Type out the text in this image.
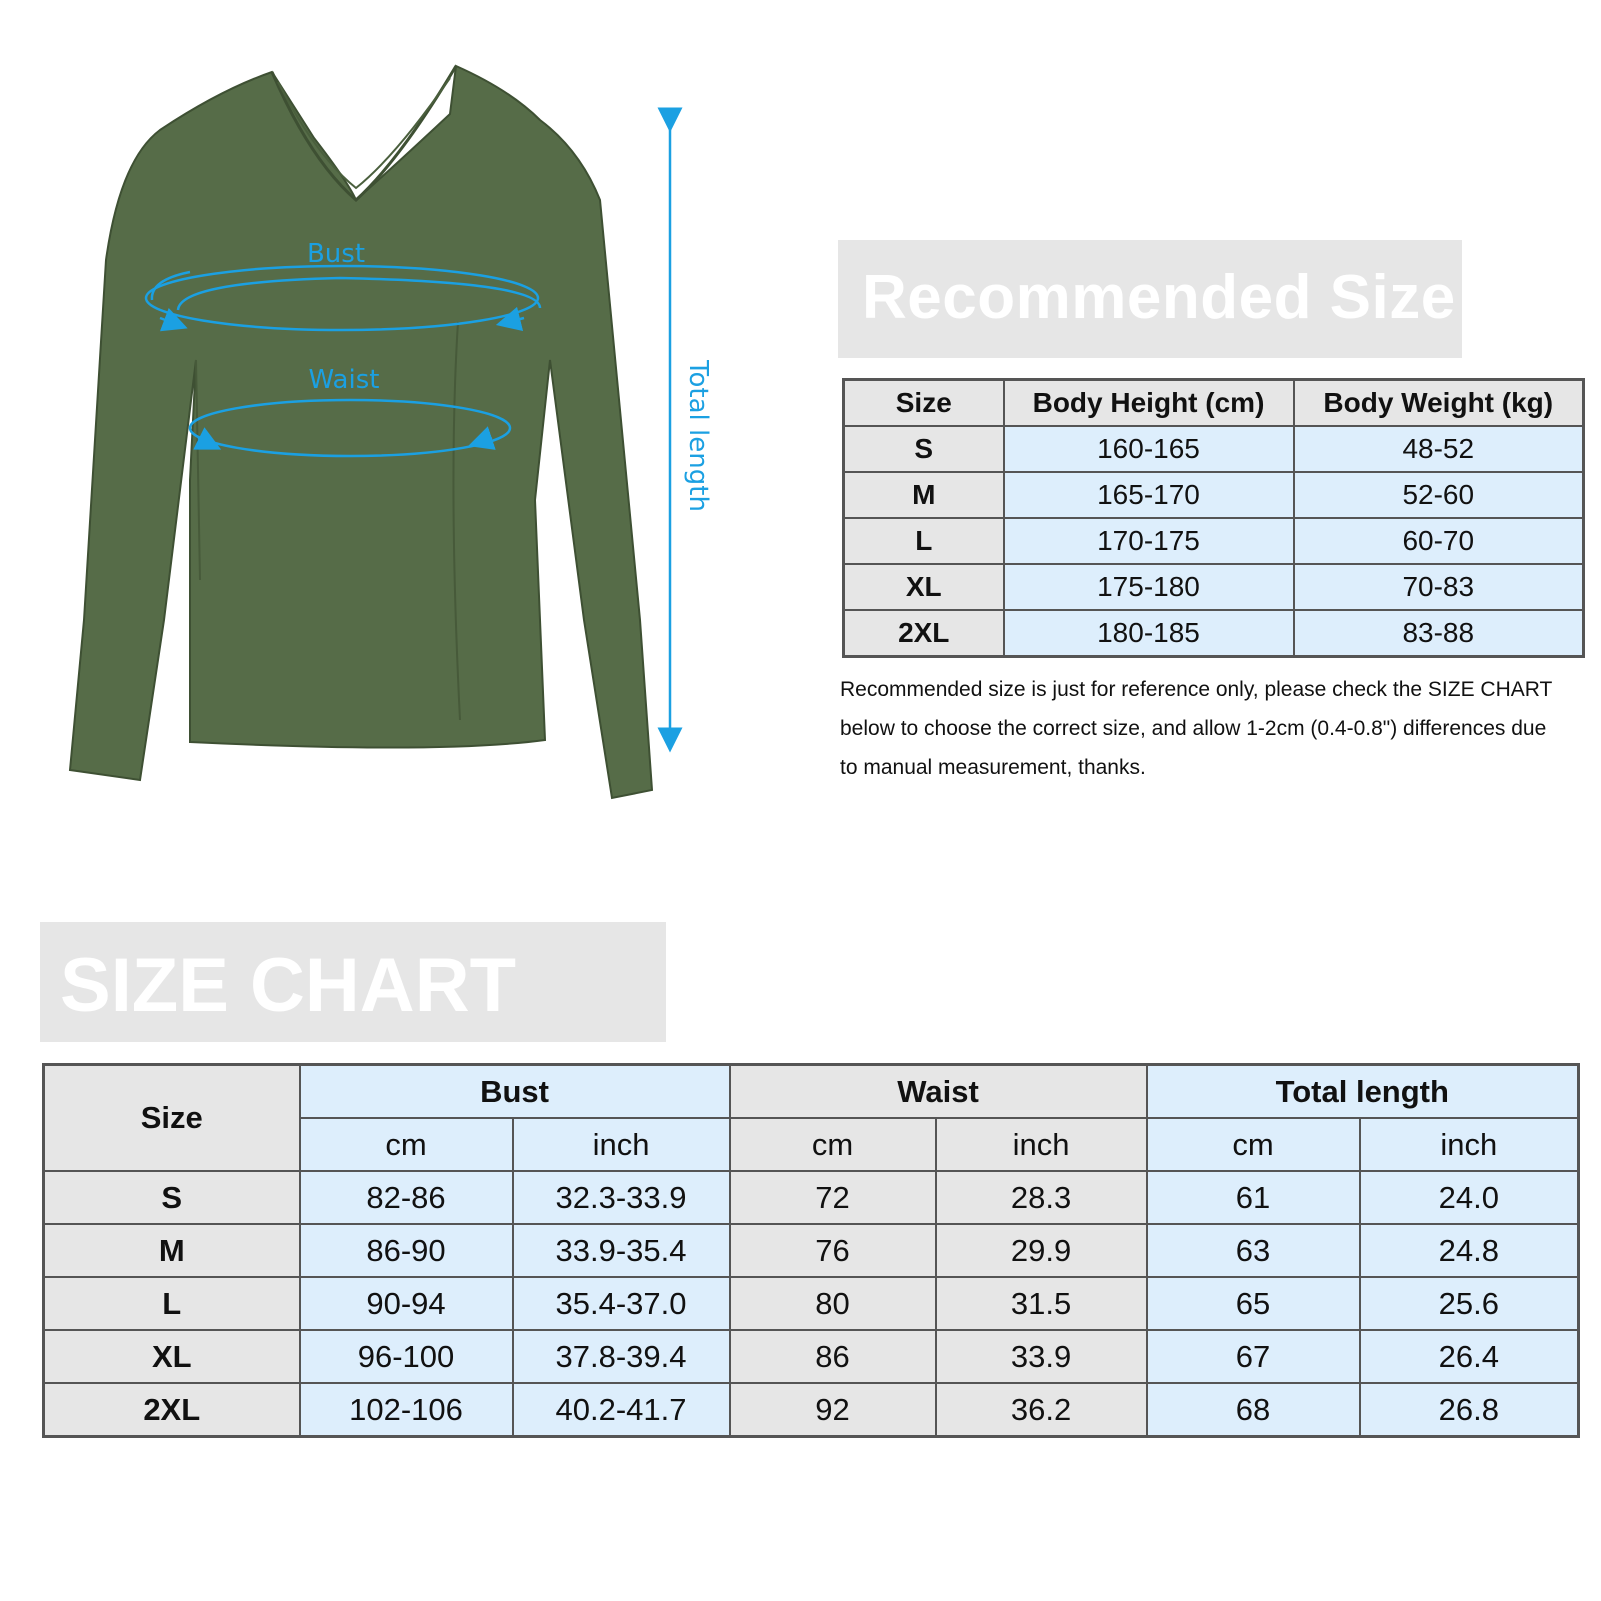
Bust
Waist	Total length
Recommended Size
Size	Body Height (cm)	Body Weight (kg)
S	160-165	48-52
M	165-170	52-60
L	170-175	60-70
XL	175-180	70-83
2XL	180-185	83-88
Recommended size is just for reference only, please check the SIZE CHART below to choose the correct size, and allow 1-2cm (0.4-0.8") differences due to manual measurement, thanks.
SIZE CHART
Size	Bust		Waist		Total length	
	cm	inch	cm	inch	cm	inch
S	82-86	32.3-33.9	72	28.3	61	24.0
M	86-90	33.9-35.4	76	29.9	63	24.8
L	90-94	35.4-37.0	80	31.5	65	25.6
XL	96-100	37.8-39.4	86	33.9	67	26.4
2XL	102-106	40.2-41.7	92	36.2	68	26.8
